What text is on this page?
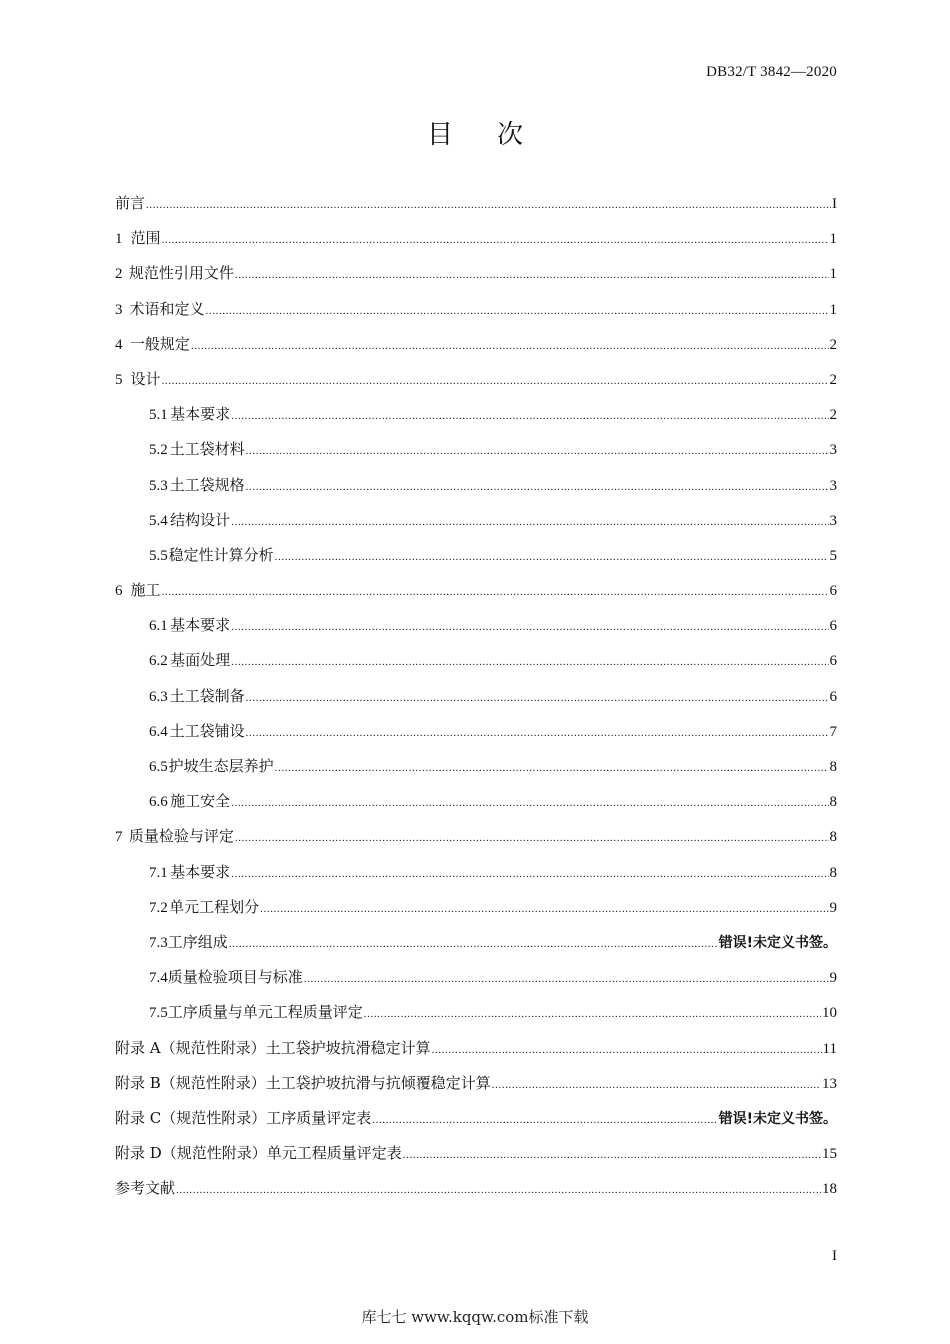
DB32/T 3842—2020
目次
前言 .....	I
1 范围 .....	1
2 规范性引用文件 .....	1
3 术语和定义 .....	1
4 一般规定 .....	2
5 设计 .....	2
5.1 基本要求 .....	2
5.2 土工袋材料 .....	3
5.3 土工袋规格 .....	3
5.4 结构设计 .....	3
5.5 稳定性计算分析 .....	5
6 施工 .....	6
6.1 基本要求 .....	6
6.2 基面处理 .....	6
6.3 土工袋制备 .....	6
6.4 土工袋铺设 .....	7
6.5 护坡生态层养护 .....	8
6.6 施工安全 .....	8
7 质量检验与评定 .....	8
7.1 基本要求 .....	8
7.2 单元工程划分 .....	9
7.3 工序组成 .....	错误!未定义书签。
7.4 质量检验项目与标准 .....	9
7.5 工序质量与单元工程质量评定 .....	10
附录 A（规范性附录）土工袋护坡抗滑稳定计算 .....	11
附录 B（规范性附录）土工袋护坡抗滑与抗倾覆稳定计算 .....	13
附录 C（规范性附录）工序质量评定表 .....	错误!未定义书签。
附录 D（规范性附录）单元工程质量评定表 .....	15
参考文献 .....	18
I
库七七 www.kqqw.com标准下载
